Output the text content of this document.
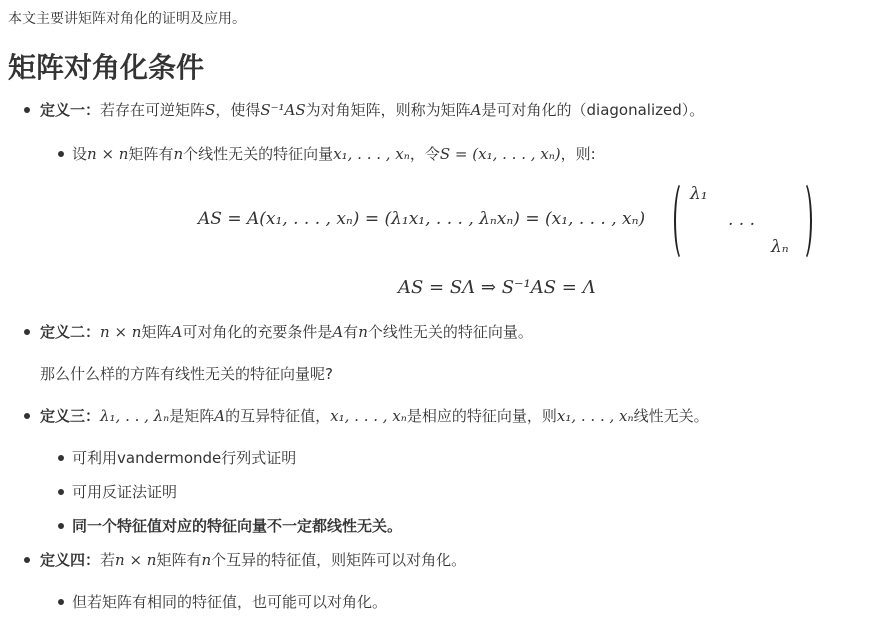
本文主要讲矩阵对角化的证明及应用。
矩阵对角化条件
定义一：若存在可逆矩阵S，使得S⁻¹AS为对角矩阵，则称为矩阵A是可对角化的（diagonalized）。
设n × n矩阵有n个线性无关的特征向量x₁, . . . , xₙ，令S = (x₁, . . . , xₙ)，则:
AS = A(x₁, . . . , xₙ) = (λ₁x₁, . . . , λₙxₙ) = (x₁, . . . , xₙ)
λ₁
. . .
λₙ
AS = SΛ ⇒ S⁻¹AS = Λ
定义二：n × n矩阵A可对角化的充要条件是A有n个线性无关的特征向量。
那么什么样的方阵有线性无关的特征向量呢?
定义三：λ₁, . . , λₙ是矩阵A的互异特征值，x₁, . . . , xₙ是相应的特征向量，则x₁, . . . , xₙ线性无关。
可利用vandermonde行列式证明
可用反证法证明
同一个特征值对应的特征向量不一定都线性无关。
定义四：若n × n矩阵有n个互异的特征值，则矩阵可以对角化。
但若矩阵有相同的特征值，也可能可以对角化。
